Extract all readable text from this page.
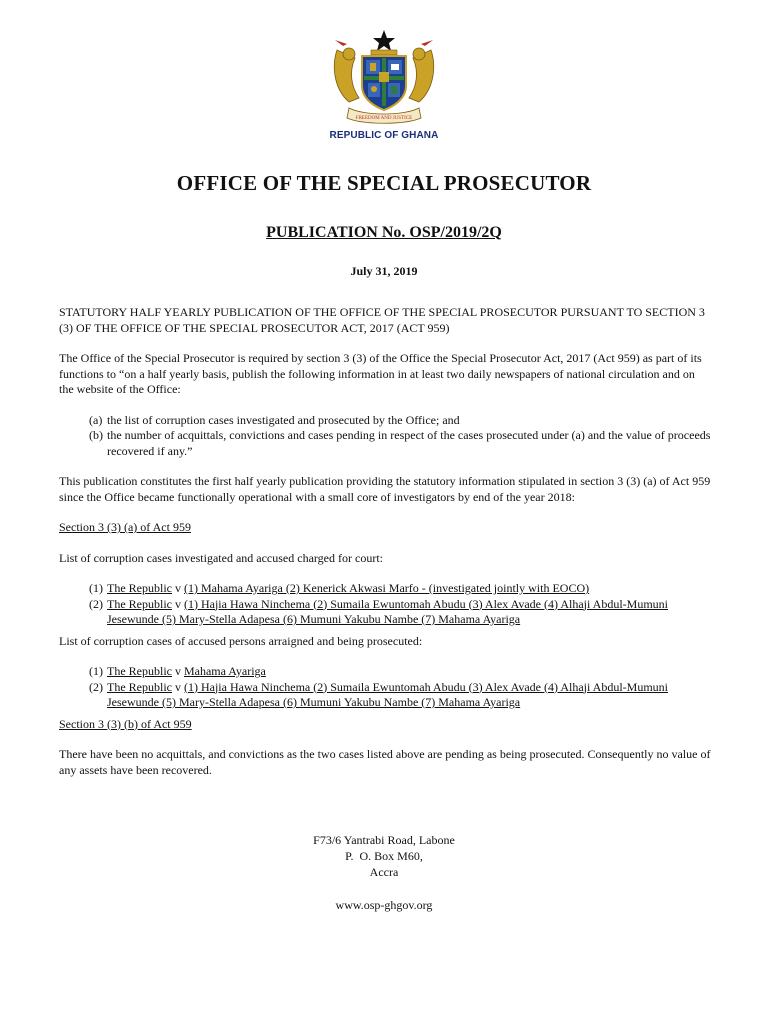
FREEDOM AND JUSTICE
REPUBLIC OF GHANA
OFFICE OF THE SPECIAL PROSECUTOR
PUBLICATION No. OSP/2019/2Q
July 31, 2019

STATUTORY HALF YEARLY PUBLICATION OF THE OFFICE OF THE SPECIAL PROSECUTOR PURSUANT TO SECTION 3 (3) OF THE OFFICE OF THE SPECIAL PROSECUTOR ACT, 2017 (ACT 959)

The Office of the Special Prosecutor is required by section 3 (3) of the Office the Special Prosecutor Act, 2017 (Act 959) as part of its functions to “on a half yearly basis, publish the following information in at least two daily newspapers of national circulation and on the website of the Office:

(a) the list of corruption cases investigated and prosecuted by the Office; and
(b) the number of acquittals, convictions and cases pending in respect of the cases prosecuted under (a) and the value of proceeds recovered if any.”

This publication constitutes the first half yearly publication providing the statutory information stipulated in section 3 (3) (a) of Act 959 since the Office became functionally operational with a small core of investigators by end of the year 2018:

Section 3 (3) (a) of Act 959

List of corruption cases investigated and accused charged for court:

(1) The Republic v (1) Mahama Ayariga (2) Kenerick Akwasi Marfo - (investigated jointly with EOCO)
(2) The Republic v (1) Hajia Hawa Ninchema (2) Sumaila Ewuntomah Abudu (3) Alex Avade (4) Alhaji Abdul-Mumuni Jesewunde (5) Mary-Stella Adapesa (6) Mumuni Yakubu Nambe (7) Mahama Ayariga

List of corruption cases of accused persons arraigned and being prosecuted:

(1) The Republic v Mahama Ayariga
(2) The Republic v (1) Hajia Hawa Ninchema (2) Sumaila Ewuntomah Abudu (3) Alex Avade (4) Alhaji Abdul-Mumuni Jesewunde (5) Mary-Stella Adapesa (6) Mumuni Yakubu Nambe (7) Mahama Ayariga

Section 3 (3) (b) of Act 959

There have been no acquittals, and convictions as the two cases listed above are pending as being prosecuted. Consequently no value of any assets have been recovered.

F73/6 Yantrabi Road, Labone
P.  O. Box M60,
Accra
www.osp-ghgov.org
